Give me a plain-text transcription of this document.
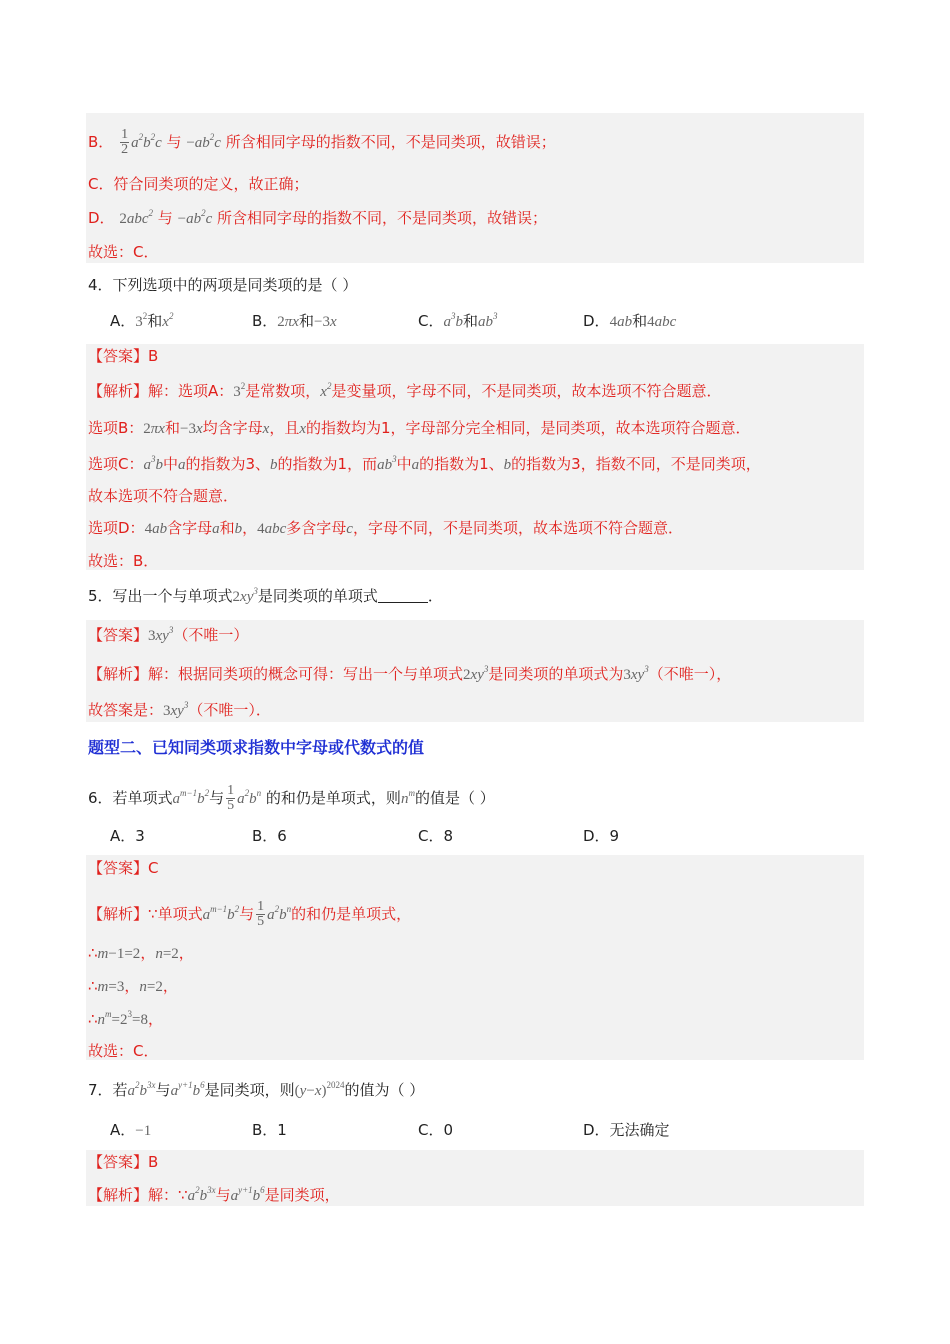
B． $\frac{1}{2} a^2b^2c$ 与 $-ab^2c$ 所含相同字母的指数不同，不是同类项，故错误；
C．符合同类项的定义，故正确；
D． 2abc$^2$ 与 $-ab^2c$ 所含相同字母的指数不同，不是同类项，故错误；
故选：C．
4．下列选项中的两项是同类项的是（ ）
A．$3^2$和$x^2$	B．2πx和−3x	C．$a^3b$和$ab^3$	D．4ab和4abc
【答案】B
【解析】解：选项A：$3^2$是常数项，$x^2$是变量项，字母不同，不是同类项，故本选项不符合题意．
选项B：2πx和−3x均含字母x，且x的指数均为1，字母部分完全相同，是同类项，故本选项符合题意．
选项C：$a^3b$中a的指数为3、b的指数为1，而$ab^3$中a的指数为1、b的指数为3，指数不同，不是同类项，
故本选项不符合题意．
选项D：4ab含字母a和b，4abc多含字母c，字母不同，不是同类项，故本选项不符合题意．
故选：B．
5．写出一个与单项式$2xy^3$是同类项的单项式	．
【答案】$3xy^3$（不唯一）
【解析】解：根据同类项的概念可得：写出一个与单项式$2xy^3$是同类项的单项式为$3xy^3$（不唯一），
故答案是：$3xy^3$（不唯一）．
题型二、已知同类项求指数中字母或代数式的值
6．若单项式$a^{m-1}b^2$与 $\frac{1}{5} a^2b^n$ 的和仍是单项式，则$n^m$的值是（ ）
A．3	B．6	C．8	D．9
【答案】C
【解析】∵单项式$a^{m-1}b^2$与 $\frac{1}{5} a^2b^n$的和仍是单项式，
∴m−1=2，n=2，
∴m=3，n=2，
$\therefore n^m=2^3=8$，
故选：C．
7．若$a^2b^{3x}$与$a^{y+1}b^6$是同类项，则$(y-x)^{2024}$的值为（ ）
A．−1	B．1	C．0	D．无法确定
【答案】B
【解析】解：$\because a^2b^{3x}$与$a^{y+1}b^6$是同类项，
